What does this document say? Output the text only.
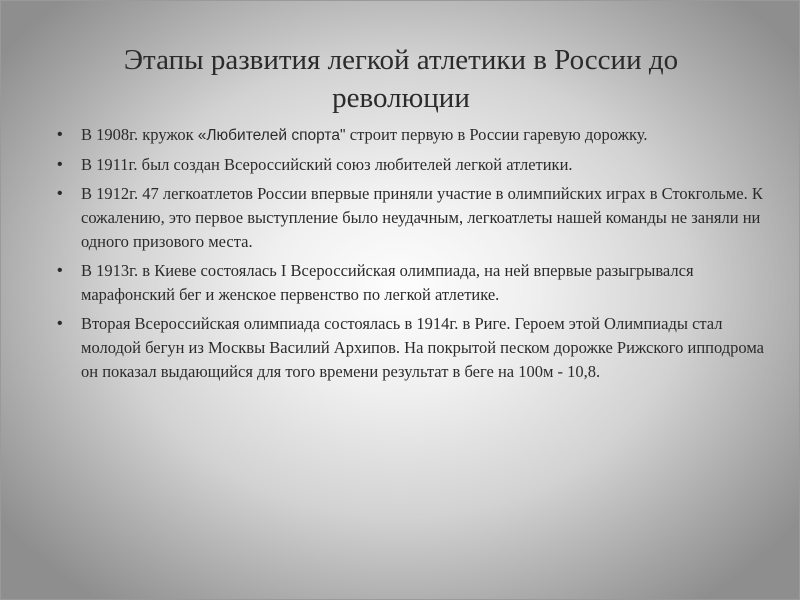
Этапы развития легкой атлетики в России до революции
•	В 1908г. кружок «Любителей спорта" строит первую в России гаревую дорожку.
•	В 1911г. был создан Всероссийский союз любителей легкой атлетики.
•	В 1912г. 47 легкоатлетов России впервые приняли участие в олимпийских играх в Стокгольме. К сожалению, это первое выступление было неудачным, легкоатлеты нашей команды не заняли ни одного призового места.
•	В 1913г. в Киеве состоялась I Всероссийская олимпиада, на ней впервые разыгрывался марафонский бег и женское первенство по легкой атлетике.
•	Вторая Всероссийская олимпиада состоялась в 1914г. в Риге. Героем этой Олимпиады стал молодой бегун из Москвы Василий Архипов. На покрытой песком дорожке Рижского ипподрома он показал выдающийся для того времени результат в беге на 100м - 10,8.
